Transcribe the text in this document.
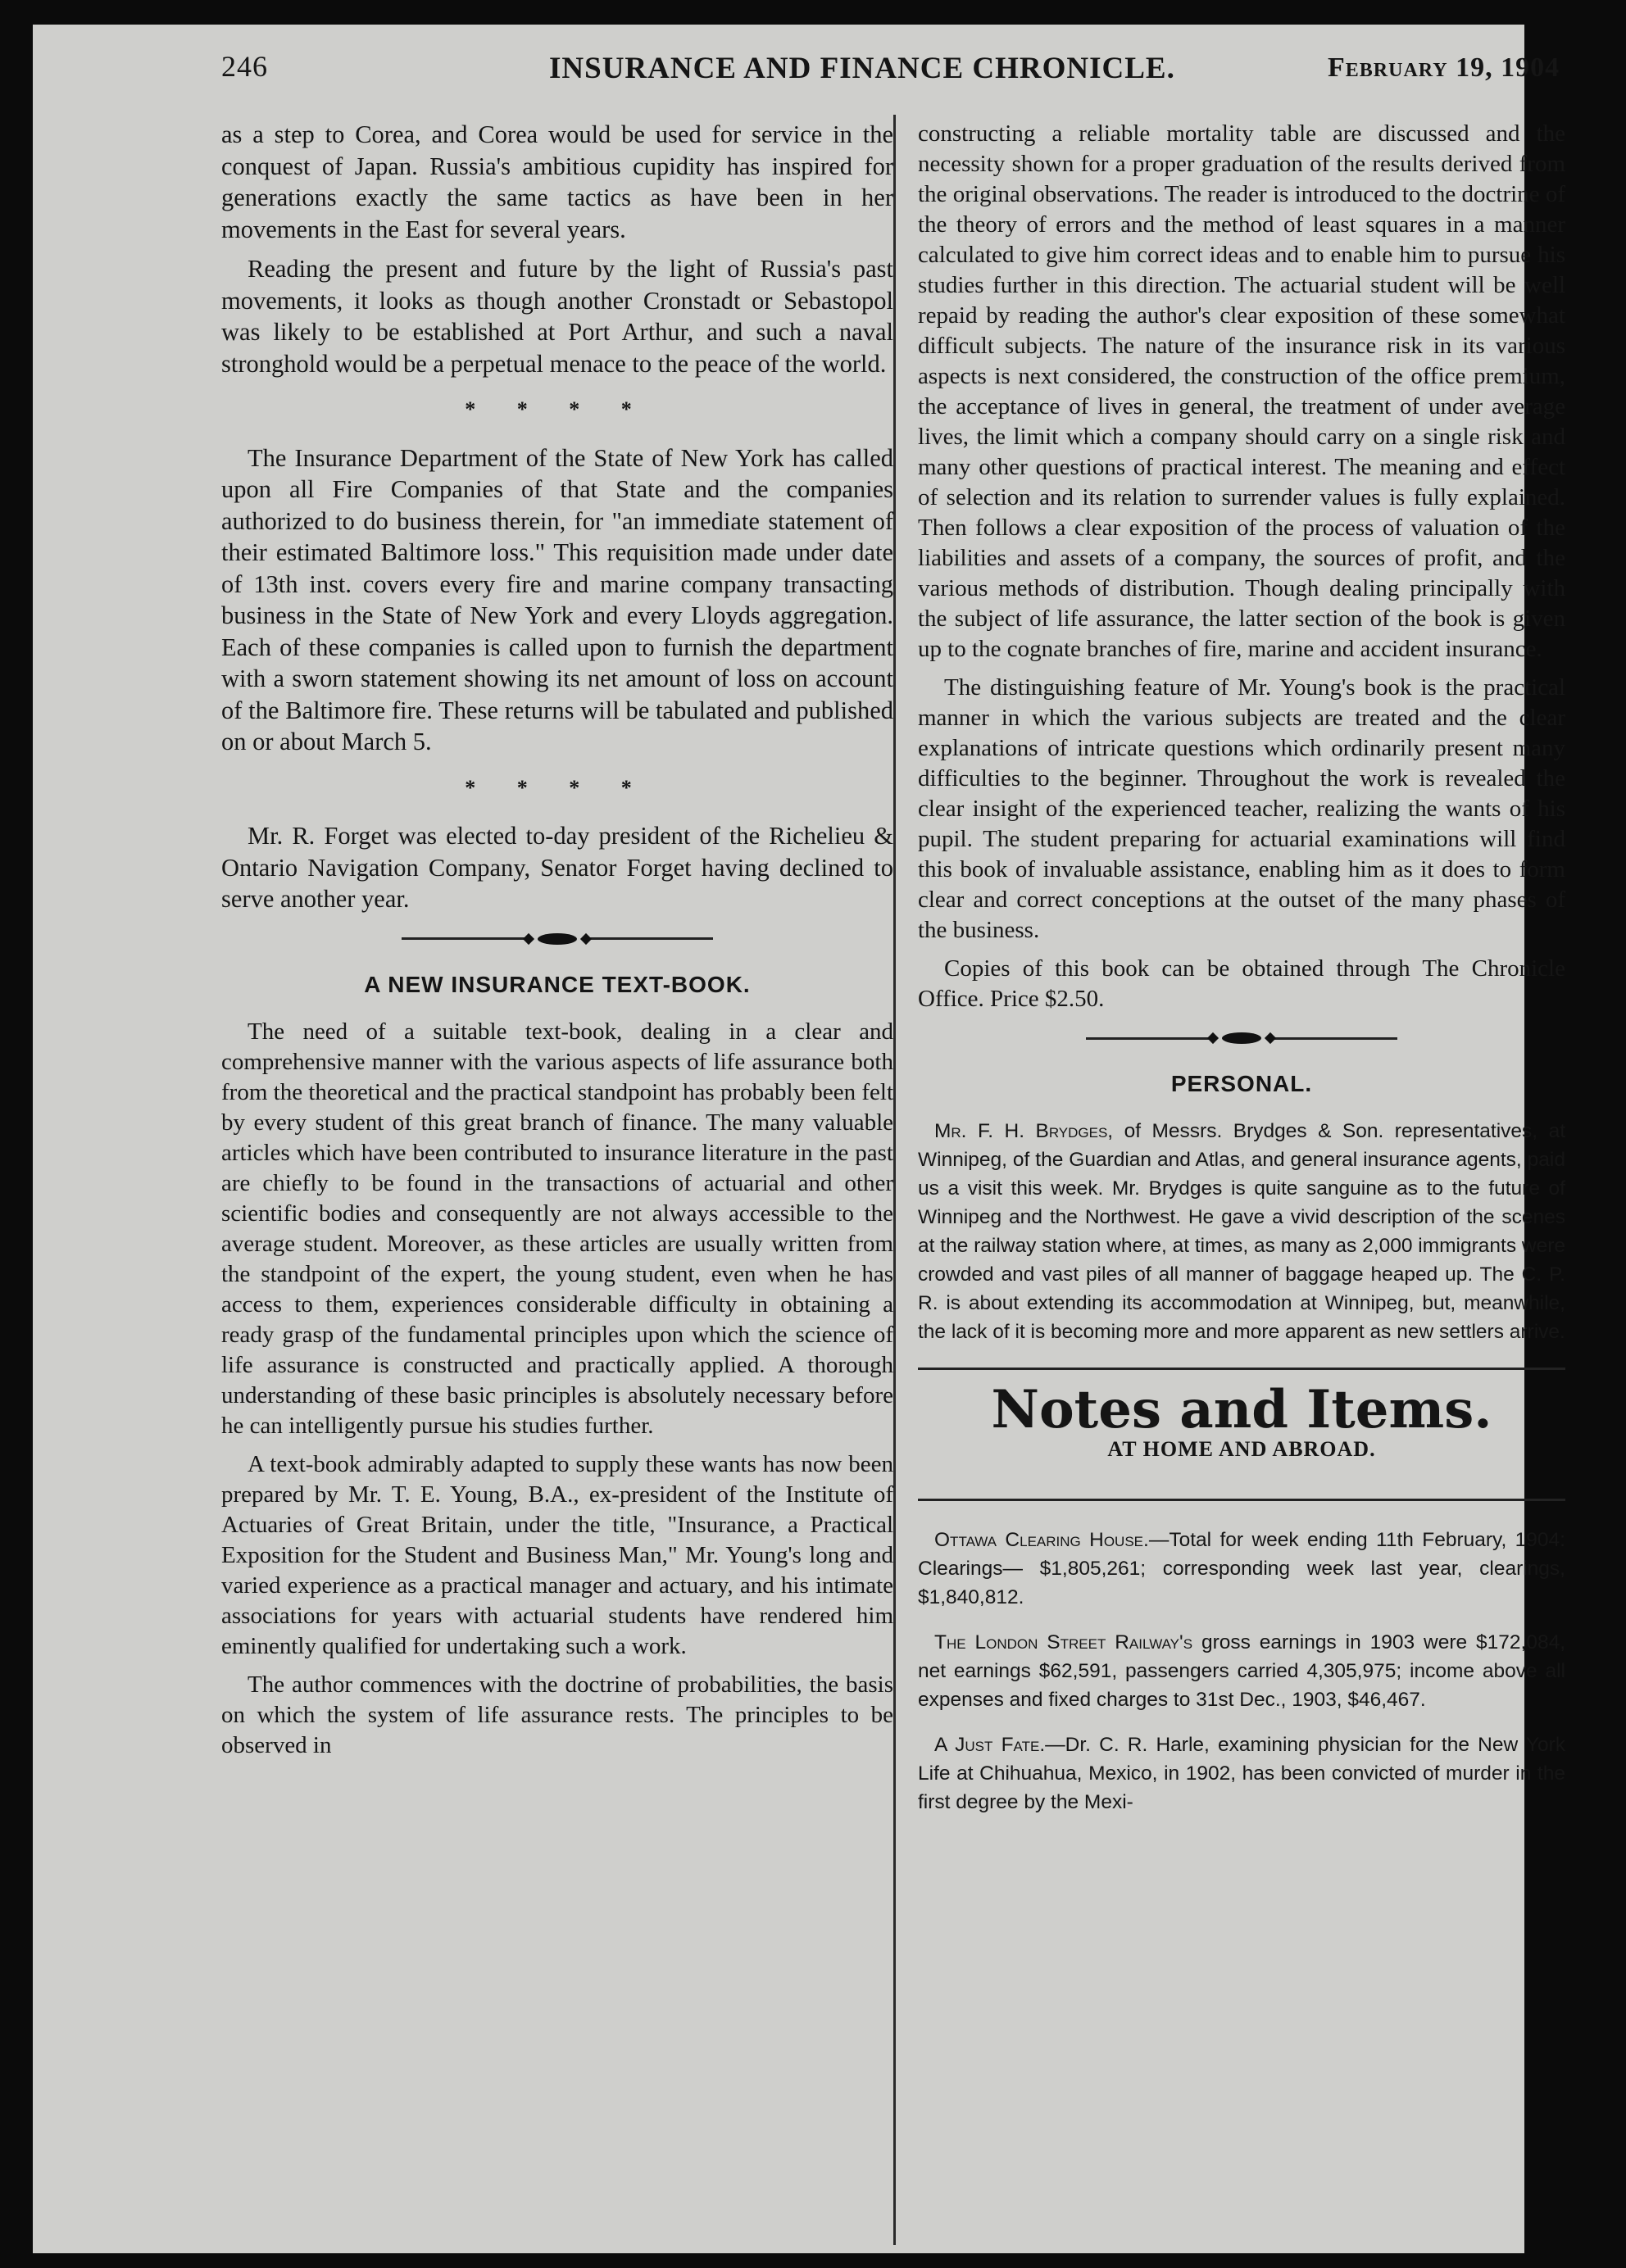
246	INSURANCE AND FINANCE CHRONICLE.	February 19, 1904

as a step to Corea, and Corea would be used for service in the conquest of Japan. Russia's ambitious cupidity has inspired for generations exactly the same tactics as have been in her movements in the East for several years.

Reading the present and future by the light of Russia's past movements, it looks as though another Cronstadt or Sebastopol was likely to be established at Port Arthur, and such a naval stronghold would be a perpetual menace to the peace of the world.

* * * *

The Insurance Department of the State of New York has called upon all Fire Companies of that State and the companies authorized to do business therein, for "an immediate statement of their estimated Baltimore loss." This requisition made under date of 13th inst. covers every fire and marine company transacting business in the State of New York and every Lloyds aggregation. Each of these companies is called upon to furnish the department with a sworn statement showing its net amount of loss on account of the Baltimore fire. These returns will be tabulated and published on or about March 5.

* * * *

Mr. R. Forget was elected to-day president of the Richelieu & Ontario Navigation Company, Senator Forget having declined to serve another year.

A NEW INSURANCE TEXT-BOOK.

The need of a suitable text-book, dealing in a clear and comprehensive manner with the various aspects of life assurance both from the theoretical and the practical standpoint has probably been felt by every student of this great branch of finance. The many valuable articles which have been contributed to insurance literature in the past are chiefly to be found in the transactions of actuarial and other scientific bodies and consequently are not always accessible to the average student. Moreover, as these articles are usually written from the standpoint of the expert, the young student, even when he has access to them, experiences considerable difficulty in obtaining a ready grasp of the fundamental principles upon which the science of life assurance is constructed and practically applied. A thorough understanding of these basic principles is absolutely necessary before he can intelligently pursue his studies further.

A text-book admirably adapted to supply these wants has now been prepared by Mr. T. E. Young, B.A., ex-president of the Institute of Actuaries of Great Britain, under the title, "Insurance, a Practical Exposition for the Student and Business Man," Mr. Young's long and varied experience as a practical manager and actuary, and his intimate associations for years with actuarial students have rendered him eminently qualified for undertaking such a work.

The author commences with the doctrine of probabilities, the basis on which the system of life assurance rests. The principles to be observed in

constructing a reliable mortality table are discussed and the necessity shown for a proper graduation of the results derived from the original observations. The reader is introduced to the doctrine of the theory of errors and the method of least squares in a manner calculated to give him correct ideas and to enable him to pursue his studies further in this direction. The actuarial student will be well repaid by reading the author's clear exposition of these somewhat difficult subjects. The nature of the insurance risk in its various aspects is next considered, the construction of the office premium, the acceptance of lives in general, the treatment of under average lives, the limit which a company should carry on a single risk and many other questions of practical interest. The meaning and effect of selection and its relation to surrender values is fully explained. Then follows a clear exposition of the process of valuation of the liabilities and assets of a company, the sources of profit, and the various methods of distribution. Though dealing principally with the subject of life assurance, the latter section of the book is given up to the cognate branches of fire, marine and accident insurance.

The distinguishing feature of Mr. Young's book is the practical manner in which the various subjects are treated and the clear explanations of intricate questions which ordinarily present many difficulties to the beginner. Throughout the work is revealed the clear insight of the experienced teacher, realizing the wants of his pupil. The student preparing for actuarial examinations will find this book of invaluable assistance, enabling him as it does to form clear and correct conceptions at the outset of the many phases of the business.

Copies of this book can be obtained through The Chronicle Office. Price $2.50.

PERSONAL.

Mr. F. H. Brydges, of Messrs. Brydges & Son. representatives, at Winnipeg, of the Guardian and Atlas, and general insurance agents, paid us a visit this week. Mr. Brydges is quite sanguine as to the future of Winnipeg and the Northwest. He gave a vivid description of the scenes at the railway station where, at times, as many as 2,000 immigrants were crowded and vast piles of all manner of baggage heaped up. The C. P. R. is about extending its accommodation at Winnipeg, but, meanwhile, the lack of it is becoming more and more apparent as new settlers arrive.

Notes and Items.
AT HOME AND ABROAD.

Ottawa Clearing House.—Total for week ending 11th February, 1904: Clearings— $1,805,261; corresponding week last year, clearings, $1,840,812.

The London Street Railway's gross earnings in 1903 were $172,084, net earnings $62,591, passengers carried 4,305,975; income above all expenses and fixed charges to 31st Dec., 1903, $46,467.

A Just Fate.—Dr. C. R. Harle, examining physician for the New York Life at Chihuahua, Mexico, in 1902, has been convicted of murder in the first degree by the Mexi-
